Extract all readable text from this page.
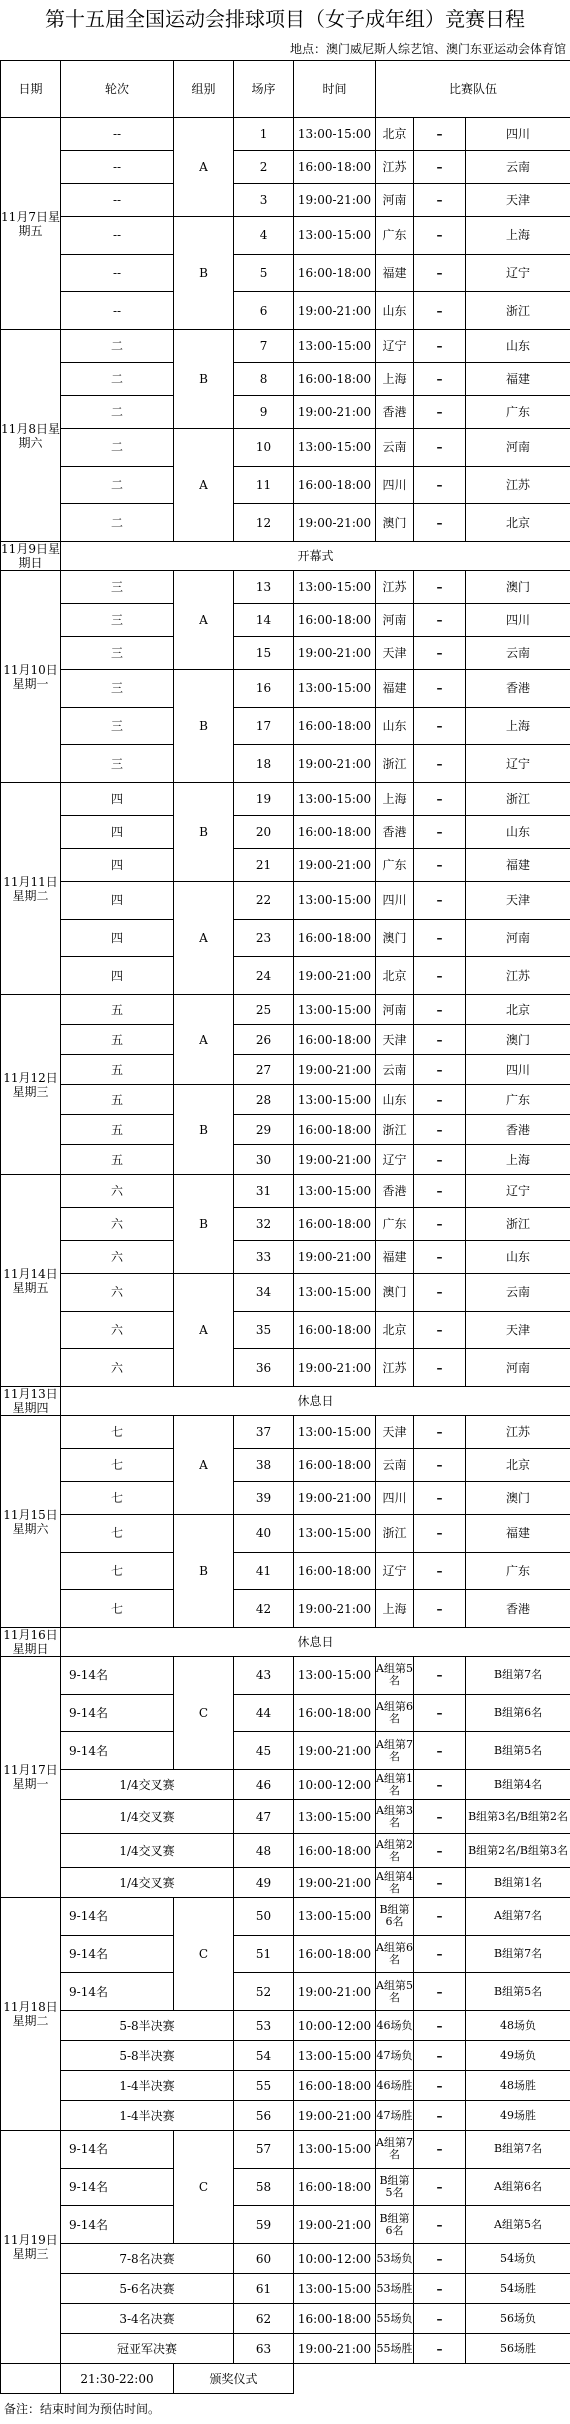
第十五届全国运动会排球项目（女子成年组）竞赛日程
地点：澳门威尼斯人综艺馆、澳门东亚运动会体育馆
日期	轮次	组别	场序	时间	比赛队伍	
11月7日星期五	--	A	1	13:00-15:00	北京	–	四川	
	--		2	16:00-18:00	江苏	–	云南	
	--		3	19:00-21:00	河南	–	天津	
	--	B	4	13:00-15:00	广东	–	上海	
	--		5	16:00-18:00	福建	–	辽宁	
	--		6	19:00-21:00	山东	–	浙江	
11月8日星期六	二	B	7	13:00-15:00	辽宁	–	山东	
	二		8	16:00-18:00	上海	–	福建	
	二		9	19:00-21:00	香港	–	广东	
	二	A	10	13:00-15:00	云南	–	河南	
	二		11	16:00-18:00	四川	–	江苏	
	二		12	19:00-21:00	澳门	–	北京	
11月9日星期日	开幕式							
11月10日星期一	三	A	13	13:00-15:00	江苏	–	澳门	
	三		14	16:00-18:00	河南	–	四川	
	三		15	19:00-21:00	天津	–	云南	
	三	B	16	13:00-15:00	福建	–	香港	
	三		17	16:00-18:00	山东	–	上海	
	三		18	19:00-21:00	浙江	–	辽宁	
11月11日星期二	四	B	19	13:00-15:00	上海	–	浙江	
	四		20	16:00-18:00	香港	–	山东	
	四		21	19:00-21:00	广东	–	福建	
	四	A	22	13:00-15:00	四川	–	天津	
	四		23	16:00-18:00	澳门	–	河南	
	四		24	19:00-21:00	北京	–	江苏	
11月12日星期三	五	A	25	13:00-15:00	河南	–	北京	
	五		26	16:00-18:00	天津	–	澳门	
	五		27	19:00-21:00	云南	–	四川	
	五	B	28	13:00-15:00	山东	–	广东	
	五		29	16:00-18:00	浙江	–	香港	
	五		30	19:00-21:00	辽宁	–	上海	
11月14日星期五	六	B	31	13:00-15:00	香港	–	辽宁	
	六		32	16:00-18:00	广东	–	浙江	
	六		33	19:00-21:00	福建	–	山东	
	六	A	34	13:00-15:00	澳门	–	云南	
	六		35	16:00-18:00	北京	–	天津	
	六		36	19:00-21:00	江苏	–	河南	
11月13日星期四	休息日							
11月15日星期六	七	A	37	13:00-15:00	天津	–	江苏	
	七		38	16:00-18:00	云南	–	北京	
	七		39	19:00-21:00	四川	–	澳门	
	七	B	40	13:00-15:00	浙江	–	福建	
	七		41	16:00-18:00	辽宁	–	广东	
	七		42	19:00-21:00	上海	–	香港	
11月16日星期日	休息日							
11月17日星期一	9-14名	C	43	13:00-15:00	A组第5名	–	B组第7名	
	9-14名		44	16:00-18:00	A组第6名	–	B组第6名	
	9-14名		45	19:00-21:00	A组第7名	–	B组第5名	
	1/4交叉赛		46	10:00-12:00	A组第1名	–	B组第4名	
	1/4交叉赛		47	13:00-15:00	A组第3名	–	B组第3名/B组第2名	
	1/4交叉赛		48	16:00-18:00	A组第2名	–	B组第2名/B组第3名	
	1/4交叉赛		49	19:00-21:00	A组第4名	–	B组第1名	
11月18日星期二	9-14名	C	50	13:00-15:00	B组第6名	–	A组第7名	
	9-14名		51	16:00-18:00	A组第6名	–	B组第7名	
	9-14名		52	19:00-21:00	A组第5名	–	B组第5名	
	5-8半决赛		53	10:00-12:00	46场负	–	48场负	
	5-8半决赛		54	13:00-15:00	47场负	–	49场负	
	1-4半决赛		55	16:00-18:00	46场胜	–	48场胜	
	1-4半决赛		56	19:00-21:00	47场胜	–	49场胜	
11月19日星期三	9-14名	C	57	13:00-15:00	A组第7名	–	B组第7名	
	9-14名		58	16:00-18:00	B组第5名	–	A组第6名	
	9-14名		59	19:00-21:00	B组第6名	–	A组第5名	
	7-8名决赛		60	10:00-12:00	53场负	–	54场负	
	5-6名决赛		61	13:00-15:00	53场胜	–	54场胜	
	3-4名决赛		62	16:00-18:00	55场负	–	56场负	
	冠亚军决赛		63	19:00-21:00	55场胜	–	56场胜	
	21:30-22:00	颁奖仪式						
备注：结束时间为预估时间。
